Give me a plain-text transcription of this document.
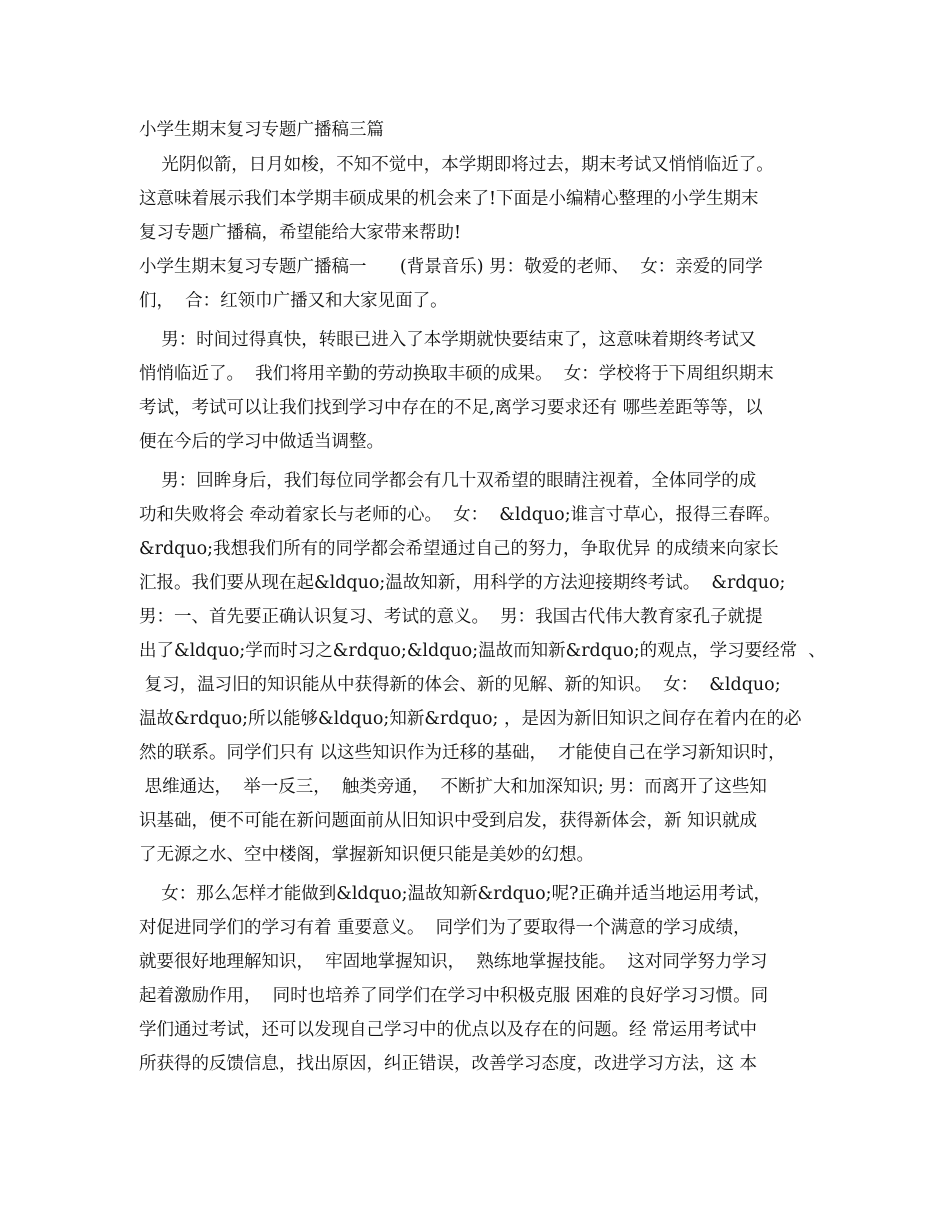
小学生期末复习专题广播稿三篇
光阴似箭，日月如梭，不知不觉中，本学期即将过去，期末考试又悄悄临近了。
这意味着展示我们本学期丰硕成果的机会来了!下面是小编精心整理的小学生期末
复习专题广播稿，希望能给大家带来帮助!
小学生期末复习专题广播稿一      (背景音乐) 男：敬爱的老师、  女：亲爱的同学
们，  合：红领巾广播又和大家见面了。
男：时间过得真快，转眼已进入了本学期就快要结束了，这意味着期终考试又
悄悄临近了。  我们将用辛勤的劳动换取丰硕的成果。  女：学校将于下周组织期末
考试，考试可以让我们找到学习中存在的不足,离学习要求还有 哪些差距等等，以
便在今后的学习中做适当调整。
男：回眸身后，我们每位同学都会有几十双希望的眼睛注视着，全体同学的成
功和失败将会 牵动着家长与老师的心。  女：  &ldquo;谁言寸草心，报得三春晖。
&rdquo;我想我们所有的同学都会希望通过自己的努力，争取优异 的成绩来向家长
汇报。我们要从现在起&ldquo;温故知新，用科学的方法迎接期终考试。  &rdquo;
男：一、首先要正确认识复习、考试的意义。  男：我国古代伟大教育家孔子就提
出了&ldquo;学而时习之&rdquo;&ldquo;温故而知新&rdquo;的观点，学习要经常  、
复习，温习旧的知识能从中获得新的体会、新的见解、新的知识。  女：  &ldquo;
温故&rdquo;所以能够&ldquo;知新&rdquo; ，是因为新旧知识之间存在着内在的必
然的联系。同学们只有 以这些知识作为迁移的基础，  才能使自己在学习新知识时，
思维通达，  举一反三，  触类旁通，  不断扩大和加深知识; 男：而离开了这些知
识基础，便不可能在新问题面前从旧知识中受到启发，获得新体会，新 知识就成
了无源之水、空中楼阁，掌握新知识便只能是美妙的幻想。
女：那么怎样才能做到&ldquo;温故知新&rdquo;呢?正确并适当地运用考试，
对促进同学们的学习有着 重要意义。  同学们为了要取得一个满意的学习成绩，
就要很好地理解知识，  牢固地掌握知识，  熟练地掌握技能。  这对同学努力学习
起着激励作用，  同时也培养了同学们在学习中积极克服 困难的良好学习习惯。同
学们通过考试，还可以发现自己学习中的优点以及存在的问题。经 常运用考试中
所获得的反馈信息，找出原因，纠正错误，改善学习态度，改进学习方法，这 本
